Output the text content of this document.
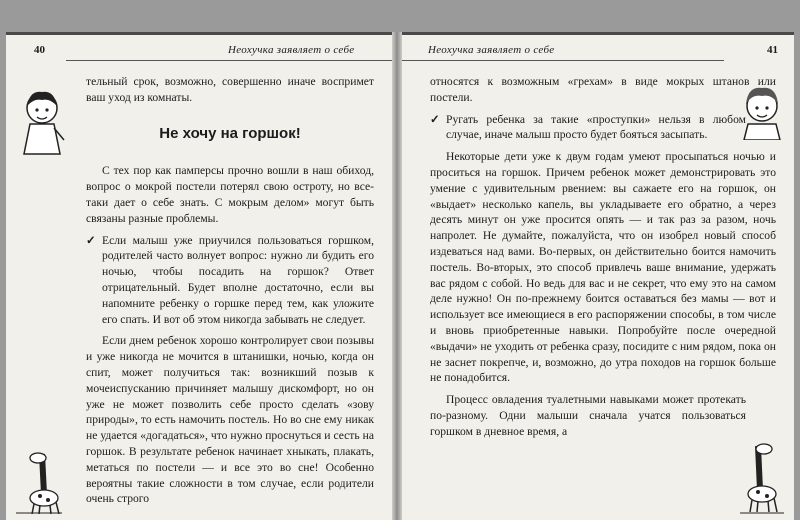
40	Неохучка заявляет о себе

тельный срок, возможно, совершенно иначе воспримет ваш уход из комнаты.

Не хочу на горшок!

С тех пор как памперсы прочно вошли в наш обиход, вопрос о мокрой постели потерял свою остроту, но все-таки дает о себе знать. С мокрым делом» могут быть связаны разные проблемы.

✓ Если малыш уже приучился пользоваться горшком, родителей часто волнует вопрос: нужно ли будить его ночью, чтобы посадить на горшок? Ответ отрицательный. Будет вполне достаточно, если вы напомните ребенку о горшке перед тем, как уложите его спать. И вот об этом никогда забывать не следует.

Если днем ребенок хорошо контролирует свои позывы и уже никогда не мочится в штанишки, ночью, когда он спит, может получиться так: возникший позыв к мочеиспусканию причиняет малышу дискомфорт, но он уже не может позволить себе просто сделать «зову природы», то есть намочить постель. Но во сне ему никак не удается «догадаться», что нужно проснуться и сесть на горшок. В результате ребенок начинает хныкать, плакать, метаться по постели — и все это во сне! Особенно вероятны такие сложности в том случае, если родители очень строго

Неохучка заявляет о себе	41

относятся к возможным «грехам» в виде мокрых штанов или постели.

✓ Ругать ребенка за такие «проступки» нельзя в любом случае, иначе малыш просто будет бояться засыпать.

Некоторые дети уже к двум годам умеют просыпаться ночью и проситься на горшок. Причем ребенок может демонстрировать это умение с удивительным рвением: вы сажаете его на горшок, он «выдает» несколько капель, вы укладываете его обратно, а через десять минут он уже просится опять — и так раз за разом, ночь напролет. Не думайте, пожалуйста, что он изобрел новый способ издеваться над вами. Во-первых, он действительно боится намочить постель. Во-вторых, это способ привлечь ваше внимание, удержать вас рядом с собой. Но ведь для вас и не секрет, что ему это на самом деле нужно! Он по-прежнему боится оставаться без мамы — вот и использует все имеющиеся в его распоряжении способы, в том числе и вновь приобретенные навыки. Попробуйте после очередной «выдачи» не уходить от ребенка сразу, посидите с ним рядом, пока он не заснет покрепче, и, возможно, до утра походов на горшок больше не понадобится.

Процесс овладения туалетными навыками может протекать по-разному. Одни малыши сначала учатся пользоваться горшком в дневное время, а
